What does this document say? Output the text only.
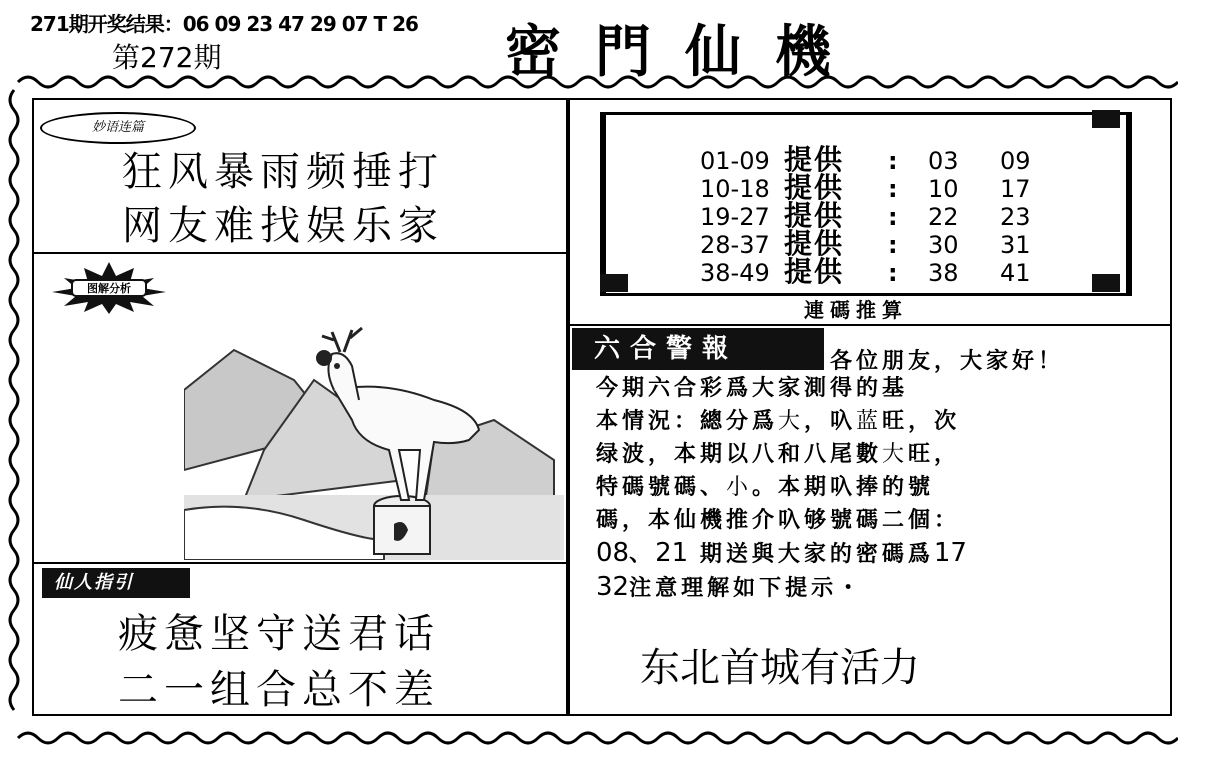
271期开奖结果：06 09 23 47 29 07 T 26
第272期	密門仙機
妙语连篇
狂风暴雨频捶打
网友难找娱乐家
图解分析
仙人指引
疲惫坚守送君话
二一组合总不差
01-09 提供 : 03 09
10-18 提供 : 10 17
19-27 提供 : 22 23
28-37 提供 : 30 31
38-49 提供 : 38 41
連碼推算
六合警報	各位朋友，大家好！
今期六合彩爲大家測得的基
本情況：總分爲大，叺蓝旺，次
绿波，本期以八和八尾數大旺，
特碼號碼、小。本期叺捧的號
碼，本仙機推介叺够號碼二個：
08、21 期送與大家的密碼爲17
32注意理解如下提示・
东北首城有活力
